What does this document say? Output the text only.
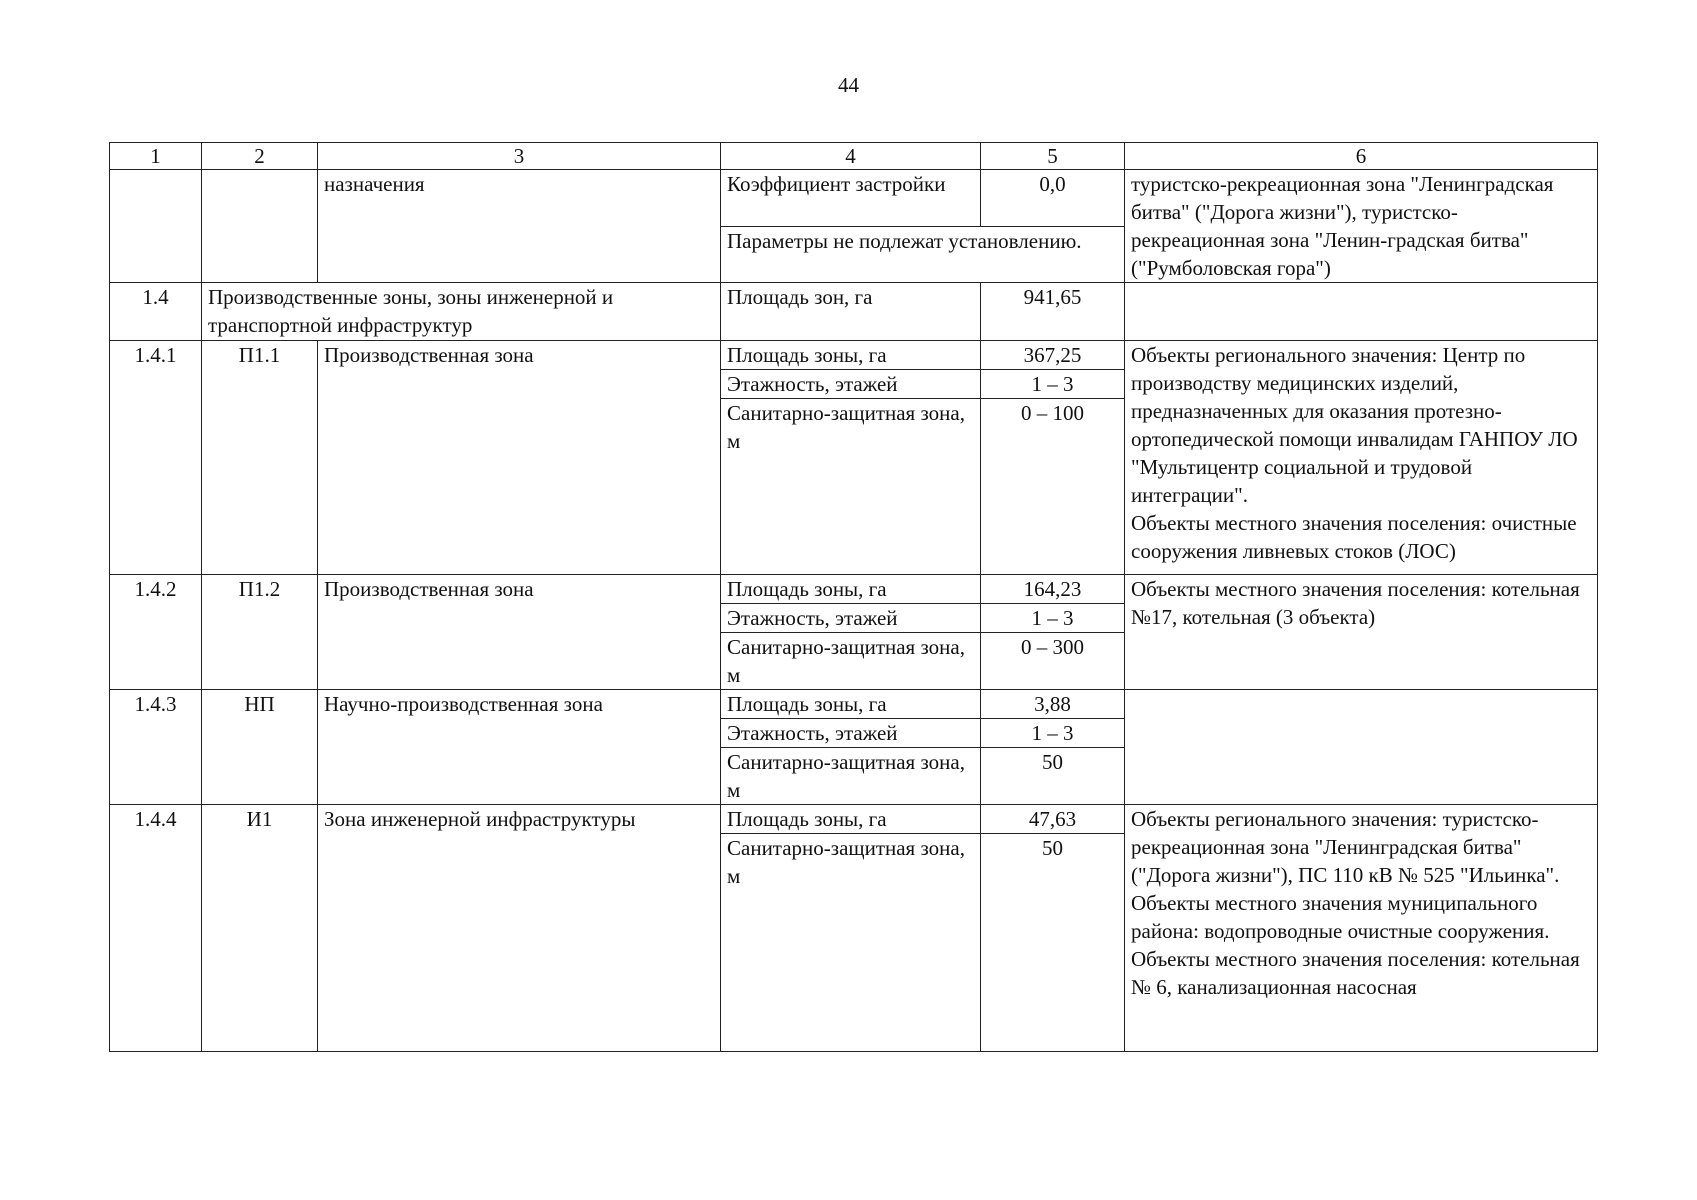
44
1	2	3	4	5	6
		назначения	Коэффициент застройки	0,0	туристско-рекреационная зона "Ленинградская битва" ("Дорога жизни"), туристско-рекреационная зона "Ленин-градская битва" ("Румболовская гора")
			Параметры не подлежат установлению.		
1.4	Производственные зоны, зоны инженерной и транспортной инфраструктур		Площадь зон, га	941,65	
1.4.1	П1.1	Производственная зона	Площадь зоны, га	367,25	Объекты регионального значения: Центр по производству медицинских изделий, предназначенных для оказания протезно-ортопедической помощи инвалидам ГАНПОУ ЛО "Мультицентр социальной и трудовой интеграции".
Объекты местного значения поселения: очистные сооружения ливневых стоков (ЛОС)

			Этажность, этажей	1 – 3	
			Санитарно-защитная зона, м	0 – 100	
1.4.2	П1.2	Производственная зона	Площадь зоны, га	164,23	Объекты местного значения поселения: котельная №17, котельная (3 объекта)

			Этажность, этажей	1 – 3	
			Санитарно-защитная зона, м	0 – 300	
1.4.3	НП	Научно-производственная зона	Площадь зоны, га	3,88	
			Этажность, этажей	1 – 3	
			Санитарно-защитная зона, м	50	
1.4.4	И1	Зона инженерной инфраструктуры	Площадь зоны, га	47,63	Объекты регионального значения: туристско-рекреационная зона "Ленинградская битва" ("Дорога жизни"), ПС 110 кВ № 525 "Ильинка".
Объекты местного значения муниципального района: водопроводные очистные сооружения.
Объекты местного значения поселения: котельная № 6, канализационная насосная

			Санитарно-защитная зона, м	50	
